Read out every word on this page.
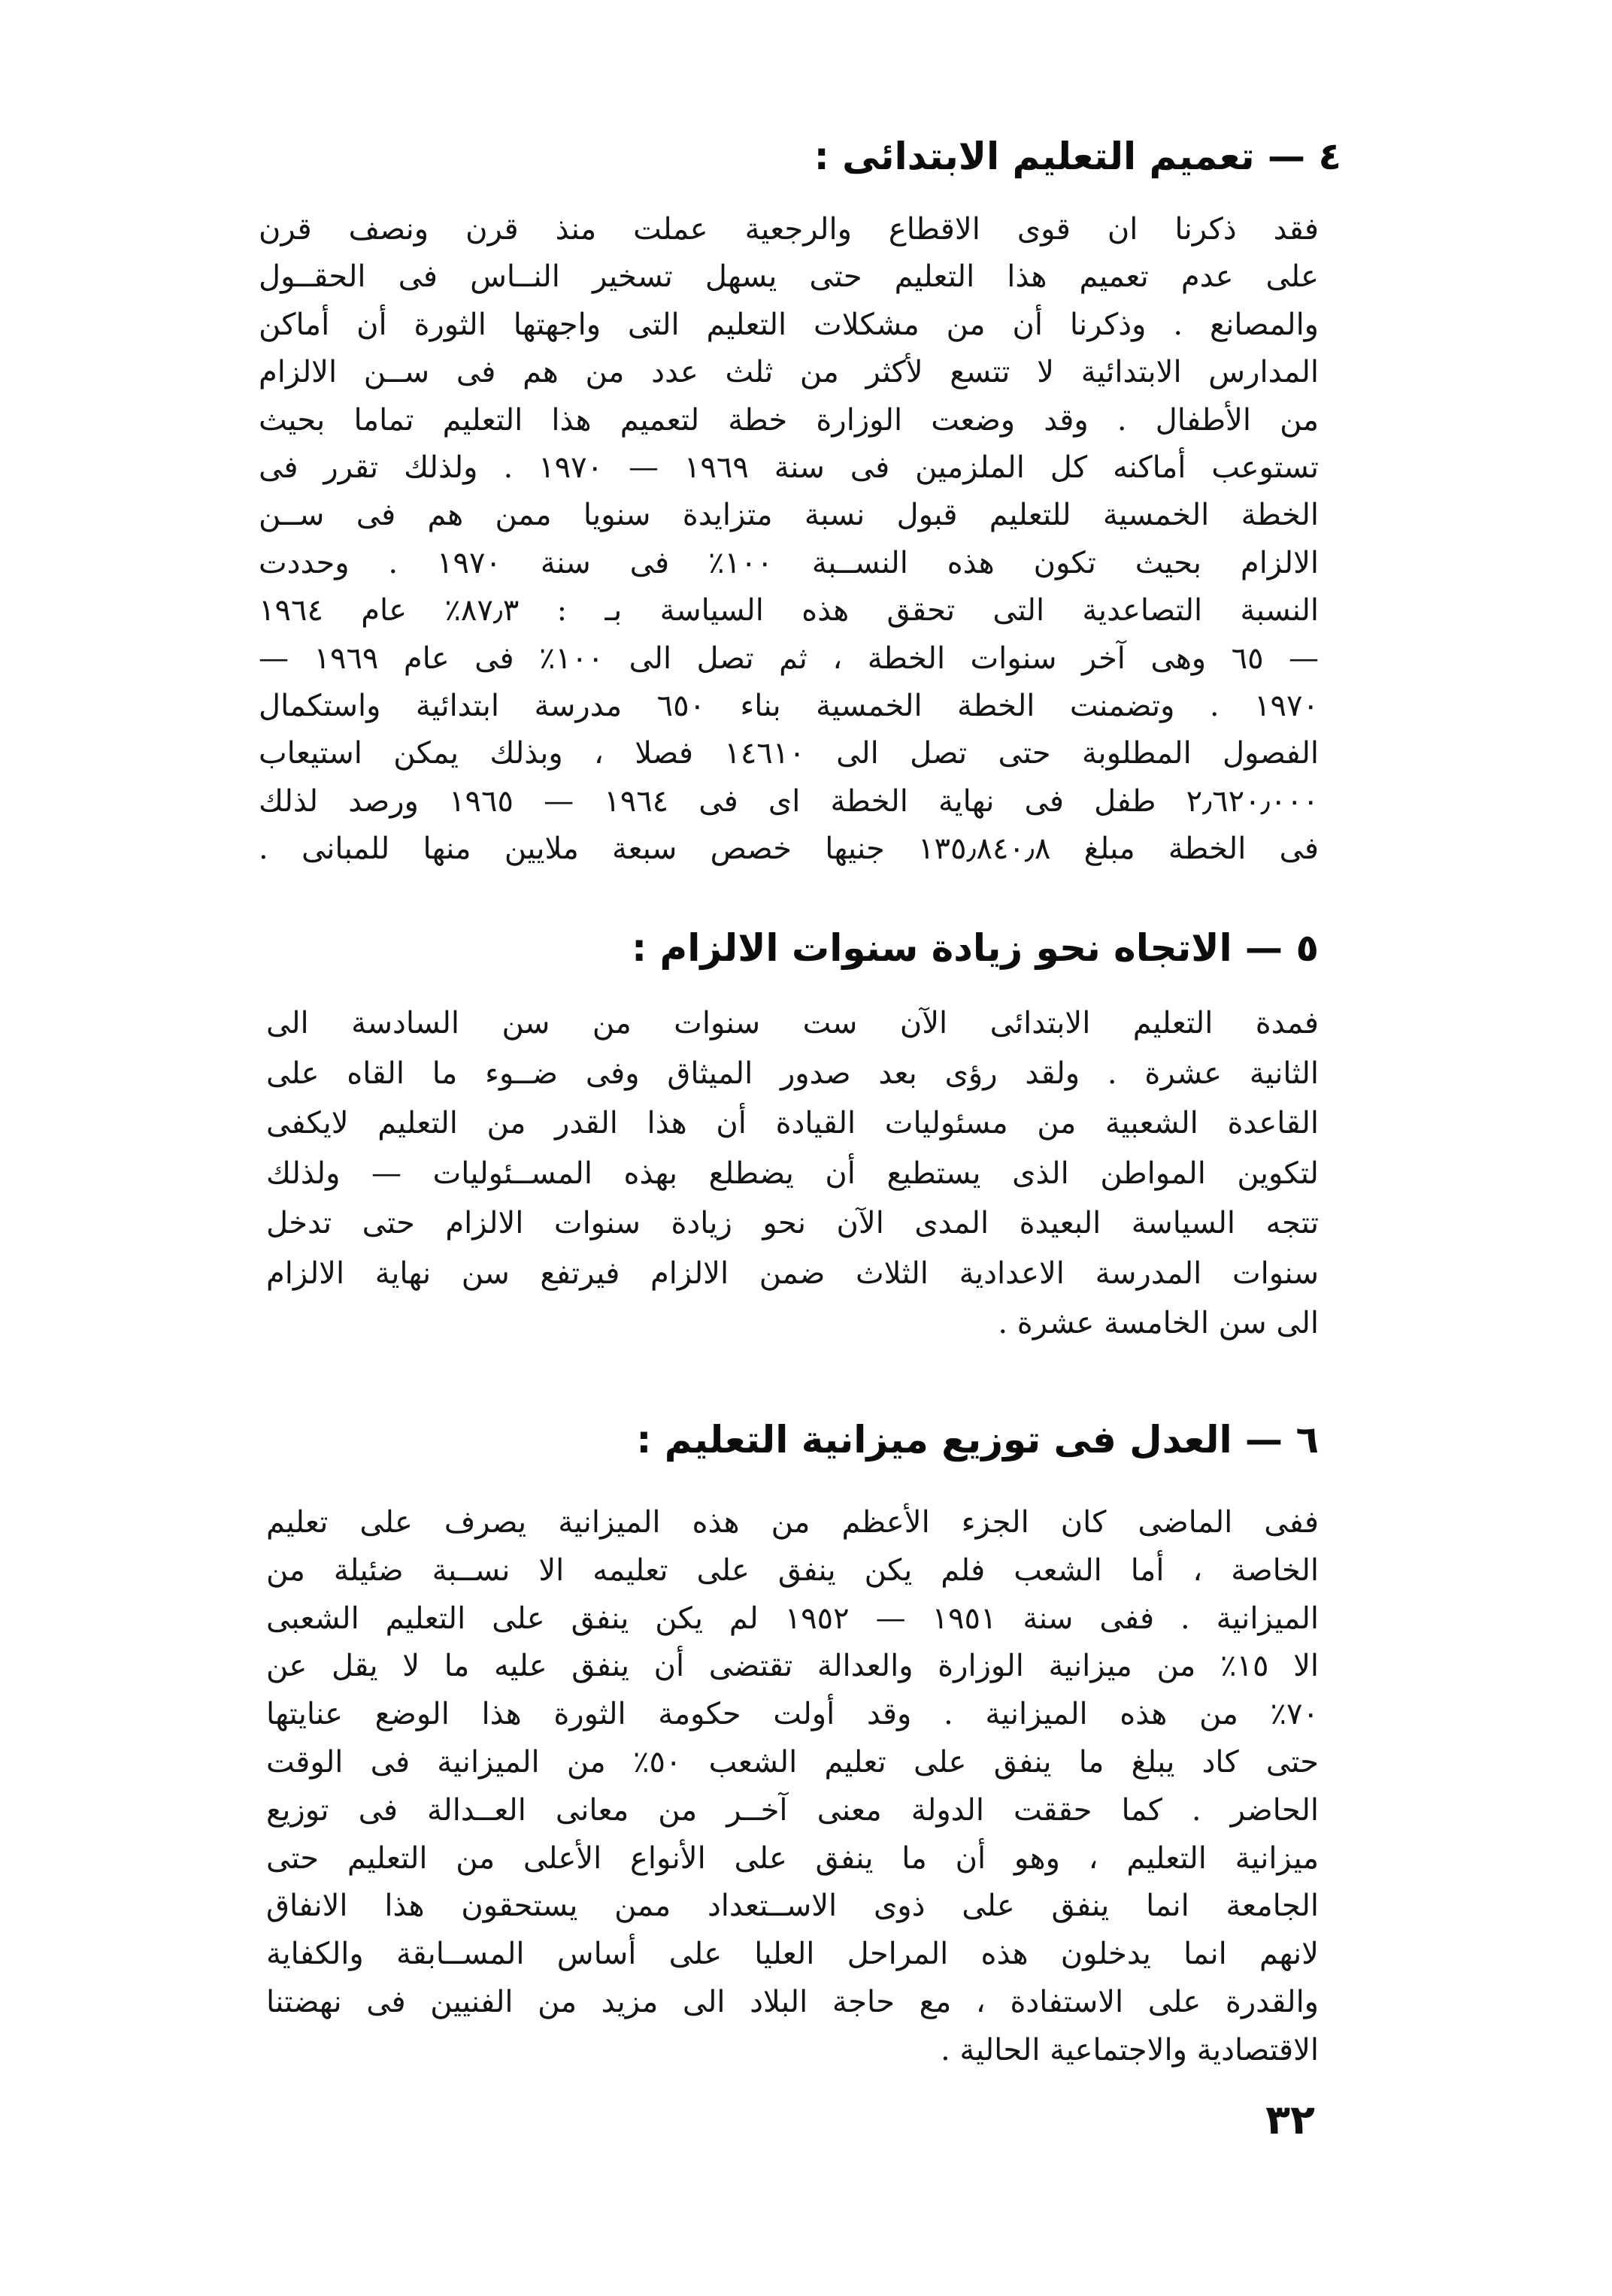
٤ — تعميم التعليم الابتدائى :
فقد ذكرنا ان قوى الاقطاع والرجعية عملت منذ قرن ونصف قرن
على عدم تعميم هذا التعليم حتى يسهل تسخير النــاس فى الحقــول
والمصانع . وذكرنا أن من مشكلات التعليم التى واجهتها الثورة أن أماكن
المدارس الابتدائية لا تتسع لأكثر من ثلث عدد من هم فى ســن الالزام
من الأطفال . وقد وضعت الوزارة خطة لتعميم هذا التعليم تماما بحيث
تستوعب أماكنه كل الملزمين فى سنة ١٩٦٩ — ١٩٧٠ . ولذلك تقرر فى
الخطة الخمسية للتعليم قبول نسبة متزايدة سنويا ممن هم فى ســن
الالزام بحيث تكون هذه النســبة ١٠٠٪ فى سنة ١٩٧٠ . وحددت
النسبة التصاعدية التى تحقق هذه السياسة بـ : ٨٧٫٣٪ عام ١٩٦٤
— ٦٥ وهى آخر سنوات الخطة ، ثم تصل الى ١٠٠٪ فى عام ١٩٦٩ —
١٩٧٠ . وتضمنت الخطة الخمسية بناء ٦٥٠ مدرسة ابتدائية واستكمال
الفصول المطلوبة حتى تصل الى ١٤٦١٠ فصلا ، وبذلك يمكن استيعاب
٢٫٦٢٠٫٠٠٠ طفل فى نهاية الخطة اى فى ١٩٦٤ — ١٩٦٥ ورصد لذلك
فى الخطة مبلغ ١٣٥٫٨٤٠٫٨ جنيها خصص سبعة ملايين منها للمبانى .
٥ — الاتجاه نحو زيادة سنوات الالزام :
فمدة التعليم الابتدائى الآن ست سنوات من سن السادسة الى
الثانية عشرة . ولقد رؤى بعد صدور الميثاق وفى ضــوء ما القاه على
القاعدة الشعبية من مسئوليات القيادة أن هذا القدر من التعليم لايكفى
لتكوين المواطن الذى يستطيع أن يضطلع بهذه المســئوليات — ولذلك
تتجه السياسة البعيدة المدى الآن نحو زيادة سنوات الالزام حتى تدخل
سنوات المدرسة الاعدادية الثلاث ضمن الالزام فيرتفع سن نهاية الالزام
الى سن الخامسة عشرة .
٦ — العدل فى توزيع ميزانية التعليم :
ففى الماضى كان الجزء الأعظم من هذه الميزانية يصرف على تعليم
الخاصة ، أما الشعب فلم يكن ينفق على تعليمه الا نســبة ضئيلة من
الميزانية . ففى سنة ١٩٥١ — ١٩٥٢ لم يكن ينفق على التعليم الشعبى
الا ١٥٪ من ميزانية الوزارة والعدالة تقتضى أن ينفق عليه ما لا يقل عن
٧٠٪ من هذه الميزانية . وقد أولت حكومة الثورة هذا الوضع عنايتها
حتى كاد يبلغ ما ينفق على تعليم الشعب ٥٠٪ من الميزانية فى الوقت
الحاضر . كما حققت الدولة معنى آخــر من معانى العــدالة فى توزيع
ميزانية التعليم ، وهو أن ما ينفق على الأنواع الأعلى من التعليم حتى
الجامعة انما ينفق على ذوى الاســتعداد ممن يستحقون هذا الانفاق
لانهم انما يدخلون هذه المراحل العليا على أساس المســابقة والكفاية
والقدرة على الاستفادة ، مع حاجة البلاد الى مزيد من الفنيين فى نهضتنا
الاقتصادية والاجتماعية الحالية .
٣٢
